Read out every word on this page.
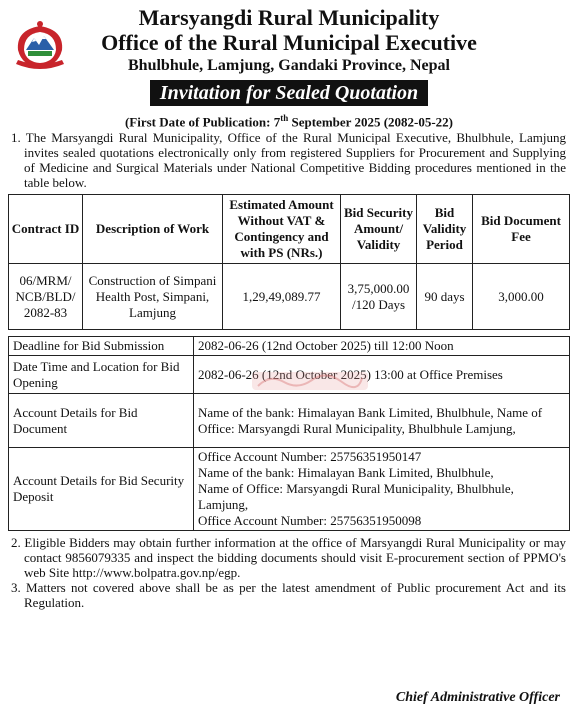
Marsyangdi Rural Municipality
Office of the Rural Municipal Executive
Bhulbhule, Lamjung, Gandaki Province, Nepal
Invitation for Sealed Quotation
(First Date of Publication: 7th September 2025 (2082-05-22)

1. The Marsyangdi Rural Municipality, Office of the Rural Municipal Executive, Bhulbhule, Lamjung invites sealed quotations electronically only from registered Suppliers for Procurement and Supplying of Medicine and Surgical Materials under National Competitive Bidding procedures mentioned in the table below.

Contract ID	Description of Work	Estimated Amount Without VAT & Contingency and with PS (NRs.)	Bid Security Amount/ Validity	Bid Validity Period	Bid Document Fee
06/MRM/ NCB/BLD/ 2082-83	Construction of Simpani Health Post, Simpani, Lamjung	1,29,49,089.77	3,75,000.00 /120 Days	90 days	3,000.00
Deadline for Bid Submission	2082-06-26 (12nd October 2025) till 12:00 Noon
Date Time and Location for Bid Opening	2082-06-26 (12nd October 2025) 13:00 at Office Premises
Account Details for Bid Document	Name of the bank: Himalayan Bank Limited, Bhulbhule, Name of Office: Marsyangdi Rural Municipality, Bhulbhule Lamjung,
Account Details for Bid Security Deposit	Office Account Number: 25756351950147
Name of the bank: Himalayan Bank Limited, Bhulbhule,
Name of Office: Marsyangdi Rural Municipality, Bhulbhule, Lamjung,
Office Account Number: 25756351950098

2. Eligible Bidders may obtain further information at the office of Marsyangdi Rural Municipality or may contact 9856079335 and inspect the bidding documents should visit E-procurement section of PPMO's web Site http://www.bolpatra.gov.np/egp.

3. Matters not covered above shall be as per the latest amendment of Public procurement Act and its Regulation.

Chief Administrative Officer
